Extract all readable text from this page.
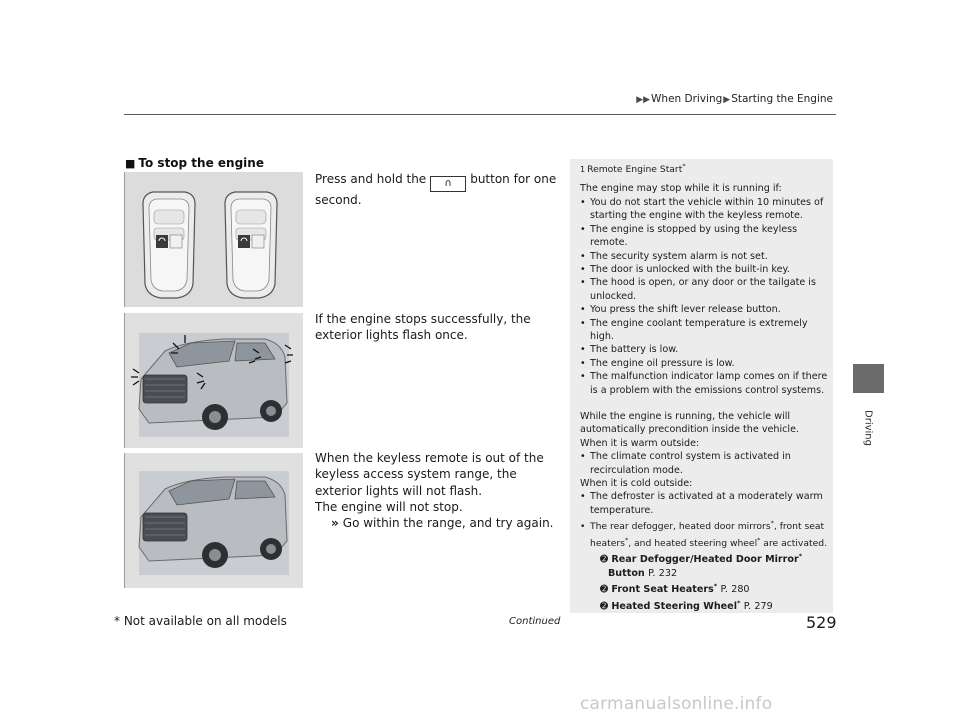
▶▶When Driving▶Starting the Engine
Driving
■ To stop the engine

Press and hold the ∩ button for one second.

If the engine stops successfully, the exterior lights flash once.

When the keyless remote is out of the keyless access system range, the exterior lights will not flash.

The engine will not stop.

» Go within the range, and try again.

1 Remote Engine Start*
The engine may stop while it is running if:
• You do not start the vehicle within 10 minutes of starting the engine with the keyless remote.
• The engine is stopped by using the keyless remote.
• The security system alarm is not set.
• The door is unlocked with the built-in key.
• The hood is open, or any door or the tailgate is unlocked.
• You press the shift lever release button.
• The engine coolant temperature is extremely high.
• The battery is low.
• The engine oil pressure is low.
• The malfunction indicator lamp comes on if there is a problem with the emissions control systems.
While the engine is running, the vehicle will automatically precondition inside the vehicle.
When it is warm outside:
• The climate control system is activated in recirculation mode.
When it is cold outside:
• The defroster is activated at a moderately warm temperature.
• The rear defogger, heated door mirrors*, front seat heaters*, and heated steering wheel* are activated.
➋ Rear Defogger/Heated Door Mirror*
Button P. 232
➋ Front Seat Heaters* P. 280
➋ Heated Steering Wheel* P. 279
* Not available on all models	Continued	529
carmanualsonline.info
